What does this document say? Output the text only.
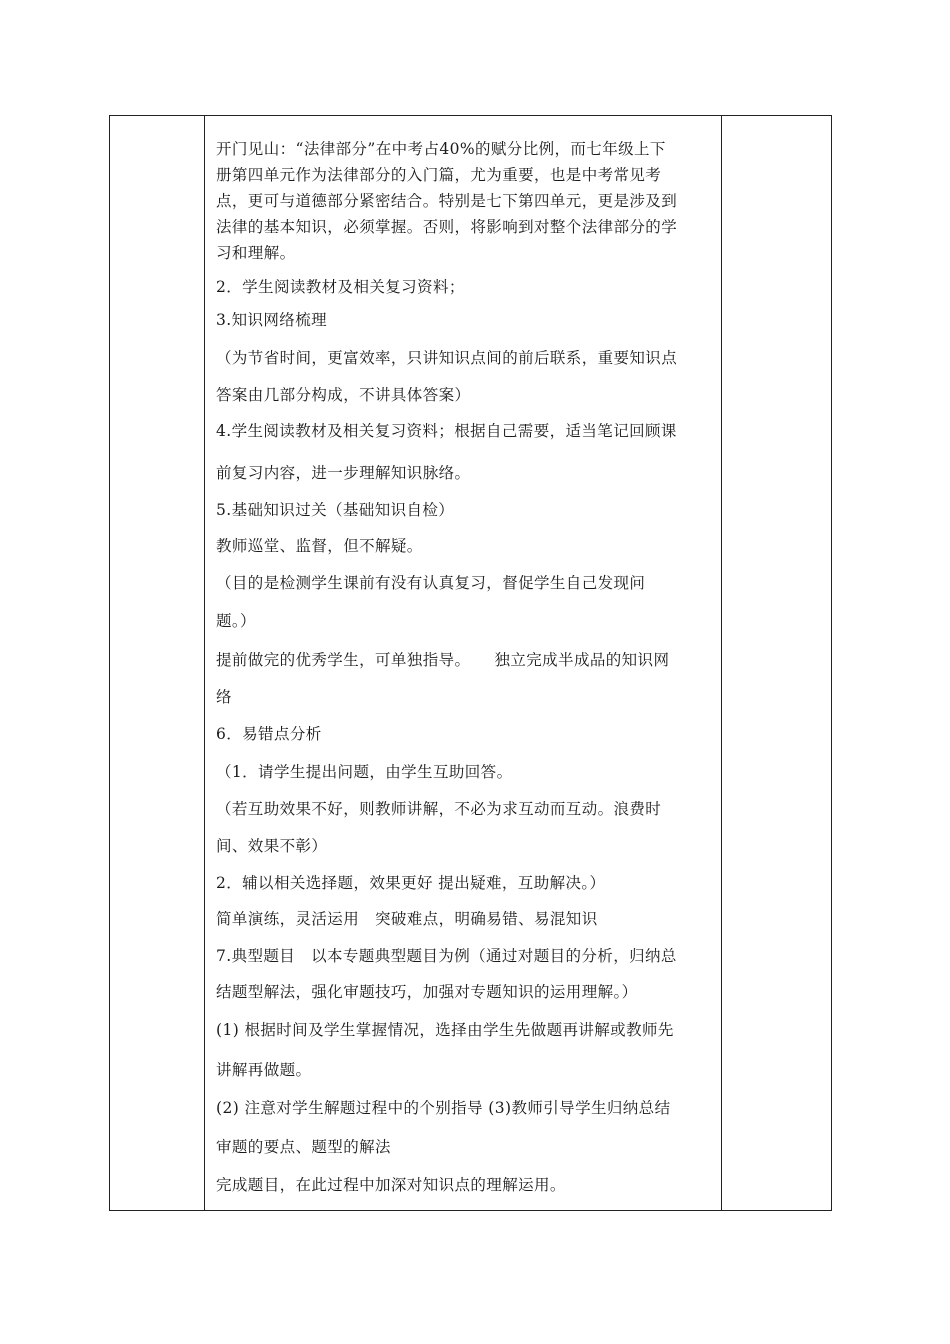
开门见山：“法律部分”在中考占40%的赋分比例，而七年级上下
册第四单元作为法律部分的入门篇，尤为重要，也是中考常见考
点，更可与道德部分紧密结合。特别是七下第四单元，更是涉及到
法律的基本知识，必须掌握。否则，将影响到对整个法律部分的学
习和理解。
2．学生阅读教材及相关复习资料；
3.知识网络梳理
（为节省时间，更富效率，只讲知识点间的前后联系，重要知识点
答案由几部分构成，不讲具体答案）
4.学生阅读教材及相关复习资料；根据自己需要，适当笔记回顾课
前复习内容，进一步理解知识脉络。
5.基础知识过关（基础知识自检）
教师巡堂、监督，但不解疑。
（目的是检测学生课前有没有认真复习，督促学生自己发现问
题。）
提前做完的优秀学生，可单独指导。　　独立完成半成品的知识网
络
6．易错点分析
（1．请学生提出问题，由学生互助回答。
（若互助效果不好，则教师讲解，不必为求互动而互动。浪费时
间、效果不彰）
2．辅以相关选择题，效果更好 提出疑难，互助解决。）
简单演练，灵活运用　突破难点，明确易错、易混知识
7.典型题目　以本专题典型题目为例（通过对题目的分析，归纳总
结题型解法，强化审题技巧，加强对专题知识的运用理解。）
(1) 根据时间及学生掌握情况，选择由学生先做题再讲解或教师先
讲解再做题。
(2) 注意对学生解题过程中的个别指导 (3)教师引导学生归纳总结
审题的要点、题型的解法
完成题目，在此过程中加深对知识点的理解运用。
